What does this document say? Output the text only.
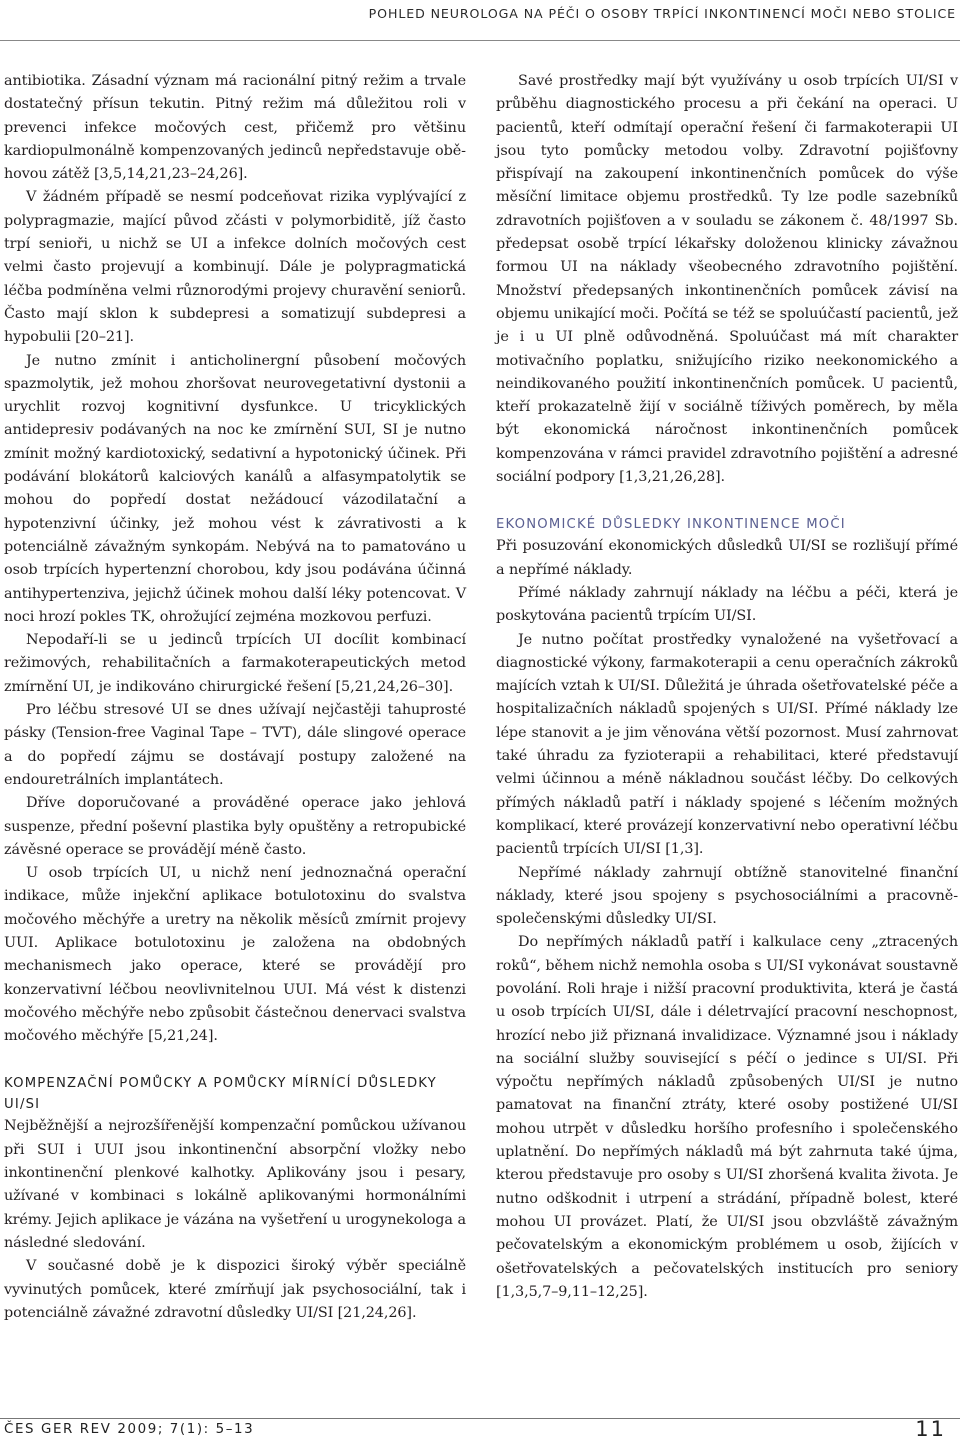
POHLED NEUROLOGA NA PÉČI O OSOBY TRPÍCÍ INKONTINENCÍ MOČI NEBO STOLICE

antibiotika. Zásadní význam má racionální pitný režim a trvale dostatečný přísun tekutin. Pitný režim má důležitou roli v prevenci infekce močových cest, přičemž pro většinu kardiopulmonálně kompenzovaných jedinců nepředstavuje oběhovou zátěž [3,5,14,21,23–24,26].

V žádném případě se nesmí podceňovat rizika vyplývající z polypragmazie, mající původ zčásti v polymorbiditě, jíž často trpí senioři, u nichž se UI a infekce dolních močových cest velmi často projevují a kombinují. Dále je polypragmatická léčba podmíněna velmi různorodými projevy churavění seniorů. Často mají sklon k subdepresi a somatizují subdepresi a hypobulii [20–21].

Je nutno zmínit i anticholinergní působení močových spazmolytik, jež mohou zhoršovat neurovegetativní dystonii a urychlit rozvoj kognitivní dysfunkce. U tricyklických antidepresiv podávaných na noc ke zmírnění SUI, SI je nutno zmínit možný kardiotoxický, sedativní a hypotonický účinek. Při podávání blokátorů kalciových kanálů a alfasympatolytik se mohou do popředí dostat nežádoucí vázodilatační a hypotenzivní účinky, jež mohou vést k závrativosti a k potenciálně závažným synkopám. Nebývá na to pamatováno u osob trpících hypertenzní chorobou, kdy jsou podávána účinná antihypertenziva, jejichž účinek mohou další léky potencovat. V noci hrozí pokles TK, ohrožující zejména mozkovou perfuzi.

Nepodaří-li se u jedinců trpících UI docílit kombinací režimových, rehabilitačních a farmakoterapeutických metod zmírnění UI, je indikováno chirurgické řešení [5,21,24,26–30].

Pro léčbu stresové UI se dnes užívají nejčastěji tahuprosté pásky (Tension-free Vaginal Tape – TVT), dále slingové operace a do popředí zájmu se dostávají postupy založené na endouretrálních implantátech.

Dříve doporučované a prováděné operace jako jehlová suspenze, přední poševní plastika byly opuštěny a retropubické závěsné operace se provádějí méně často.

U osob trpících UI, u nichž není jednoznačná operační indikace, může injekční aplikace botulotoxinu do svalstva močového měchýře a uretry na několik měsíců zmírnit projevy UUI. Aplikace botulotoxinu je založena na obdobných mechanismech jako operace, které se provádějí pro konzervativní léčbou neovlivnitelnou UUI. Má vést k distenzi močového měchýře nebo způsobit částečnou denervaci svalstva močového měchýře [5,21,24].

KOMPENZAČNÍ POMŮCKY A POMŮCKY MÍRNÍCÍ DŮSLEDKY UI/SI

Nejběžnější a nejrozšířenější kompenzační pomůckou užívanou při SUI i UUI jsou inkontinenční absorpční vložky nebo inkontinenční plenkové kalhotky. Aplikovány jsou i pesary, užívané v kombinaci s lokálně aplikovanými hormonálními krémy. Jejich aplikace je vázána na vyšetření u urogynekologa a následné sledování.

V současné době je k dispozici široký výběr speciálně vyvinutých pomůcek, které zmírňují jak psychosociální, tak i potenciálně závažné zdravotní důsledky UI/SI [21,24,26].

Savé prostředky mají být využívány u osob trpících UI/SI v průběhu diagnostického procesu a při čekání na operaci. U pacientů, kteří odmítají operační řešení či farmakoterapii UI jsou tyto pomůcky metodou volby. Zdravotní pojišťovny přispívají na zakoupení inkontinenčních pomůcek do výše měsíční limitace objemu prostředků. Ty lze podle sazebníků zdravotních pojišťoven a v souladu se zákonem č. 48/1997 Sb. předepsat osobě trpící lékařsky doloženou klinicky závažnou formou UI na náklady všeobecného zdravotního pojištění. Množství předepsaných inkontinenčních pomůcek závisí na objemu unikající moči. Počítá se též se spoluúčastí pacientů, jež je i u UI plně odůvodněná. Spoluúčast má mít charakter motivačního poplatku, snižujícího riziko neekonomického a neindikovaného použití inkontinenčních pomůcek. U pacientů, kteří prokazatelně žijí v sociálně tíživých poměrech, by měla být ekonomická náročnost inkontinenčních pomůcek kompenzována v rámci pravidel zdravotního pojištění a adresné sociální podpory [1,3,21,26,28].

EKONOMICKÉ DŮSLEDKY INKONTINENCE MOČI

Při posuzování ekonomických důsledků UI/SI se rozlišují přímé a nepřímé náklady.

Přímé náklady zahrnují náklady na léčbu a péči, která je poskytována pacientů trpícím UI/SI.

Je nutno počítat prostředky vynaložené na vyšetřovací a diagnostické výkony, farmakoterapii a cenu operačních zákroků majících vztah k UI/SI. Důležitá je úhrada ošetřovatelské péče a hospitalizačních nákladů spojených s UI/SI. Přímé náklady lze lépe stanovit a je jim věnována větší pozornost. Musí zahrnovat také úhradu za fyzioterapii a rehabilitaci, které představují velmi účinnou a méně nákladnou součást léčby. Do celkových přímých nákladů patří i náklady spojené s léčením možných komplikací, které provázejí konzervativní nebo operativní léčbu pacientů trpících UI/SI [1,3].

Nepřímé náklady zahrnují obtížně stanovitelné finanční náklady, které jsou spojeny s psychosociálními a pracovně-společenskými důsledky UI/SI.

Do nepřímých nákladů patří i kalkulace ceny „ztracených roků“, během nichž nemohla osoba s UI/SI vykonávat soustavně povolání. Roli hraje i nižší pracovní produktivita, která je častá u osob trpících UI/SI, dále i déletrvající pracovní neschopnost, hrozící nebo již přiznaná invalidizace. Významné jsou i náklady na sociální služby související s péčí o jedince s UI/SI. Při výpočtu nepřímých nákladů způsobených UI/SI je nutno pamatovat na finanční ztráty, které osoby postižené UI/SI mohou utrpět v důsledku horšího profesního i společenského uplatnění. Do nepřímých nákladů má být zahrnuta také újma, kterou představuje pro osoby s UI/SI zhoršená kvalita života. Je nutno odškodnit i utrpení a strádání, případně bolest, které mohou UI provázet. Platí, že UI/SI jsou obzvláště závažným pečovatelským a ekonomickým problémem u osob, žijících v ošetřovatelských a pečovatelských institucích pro seniory [1,3,5,7–9,11–12,25].

ČES GER REV 2009; 7(1): 5–13	11
